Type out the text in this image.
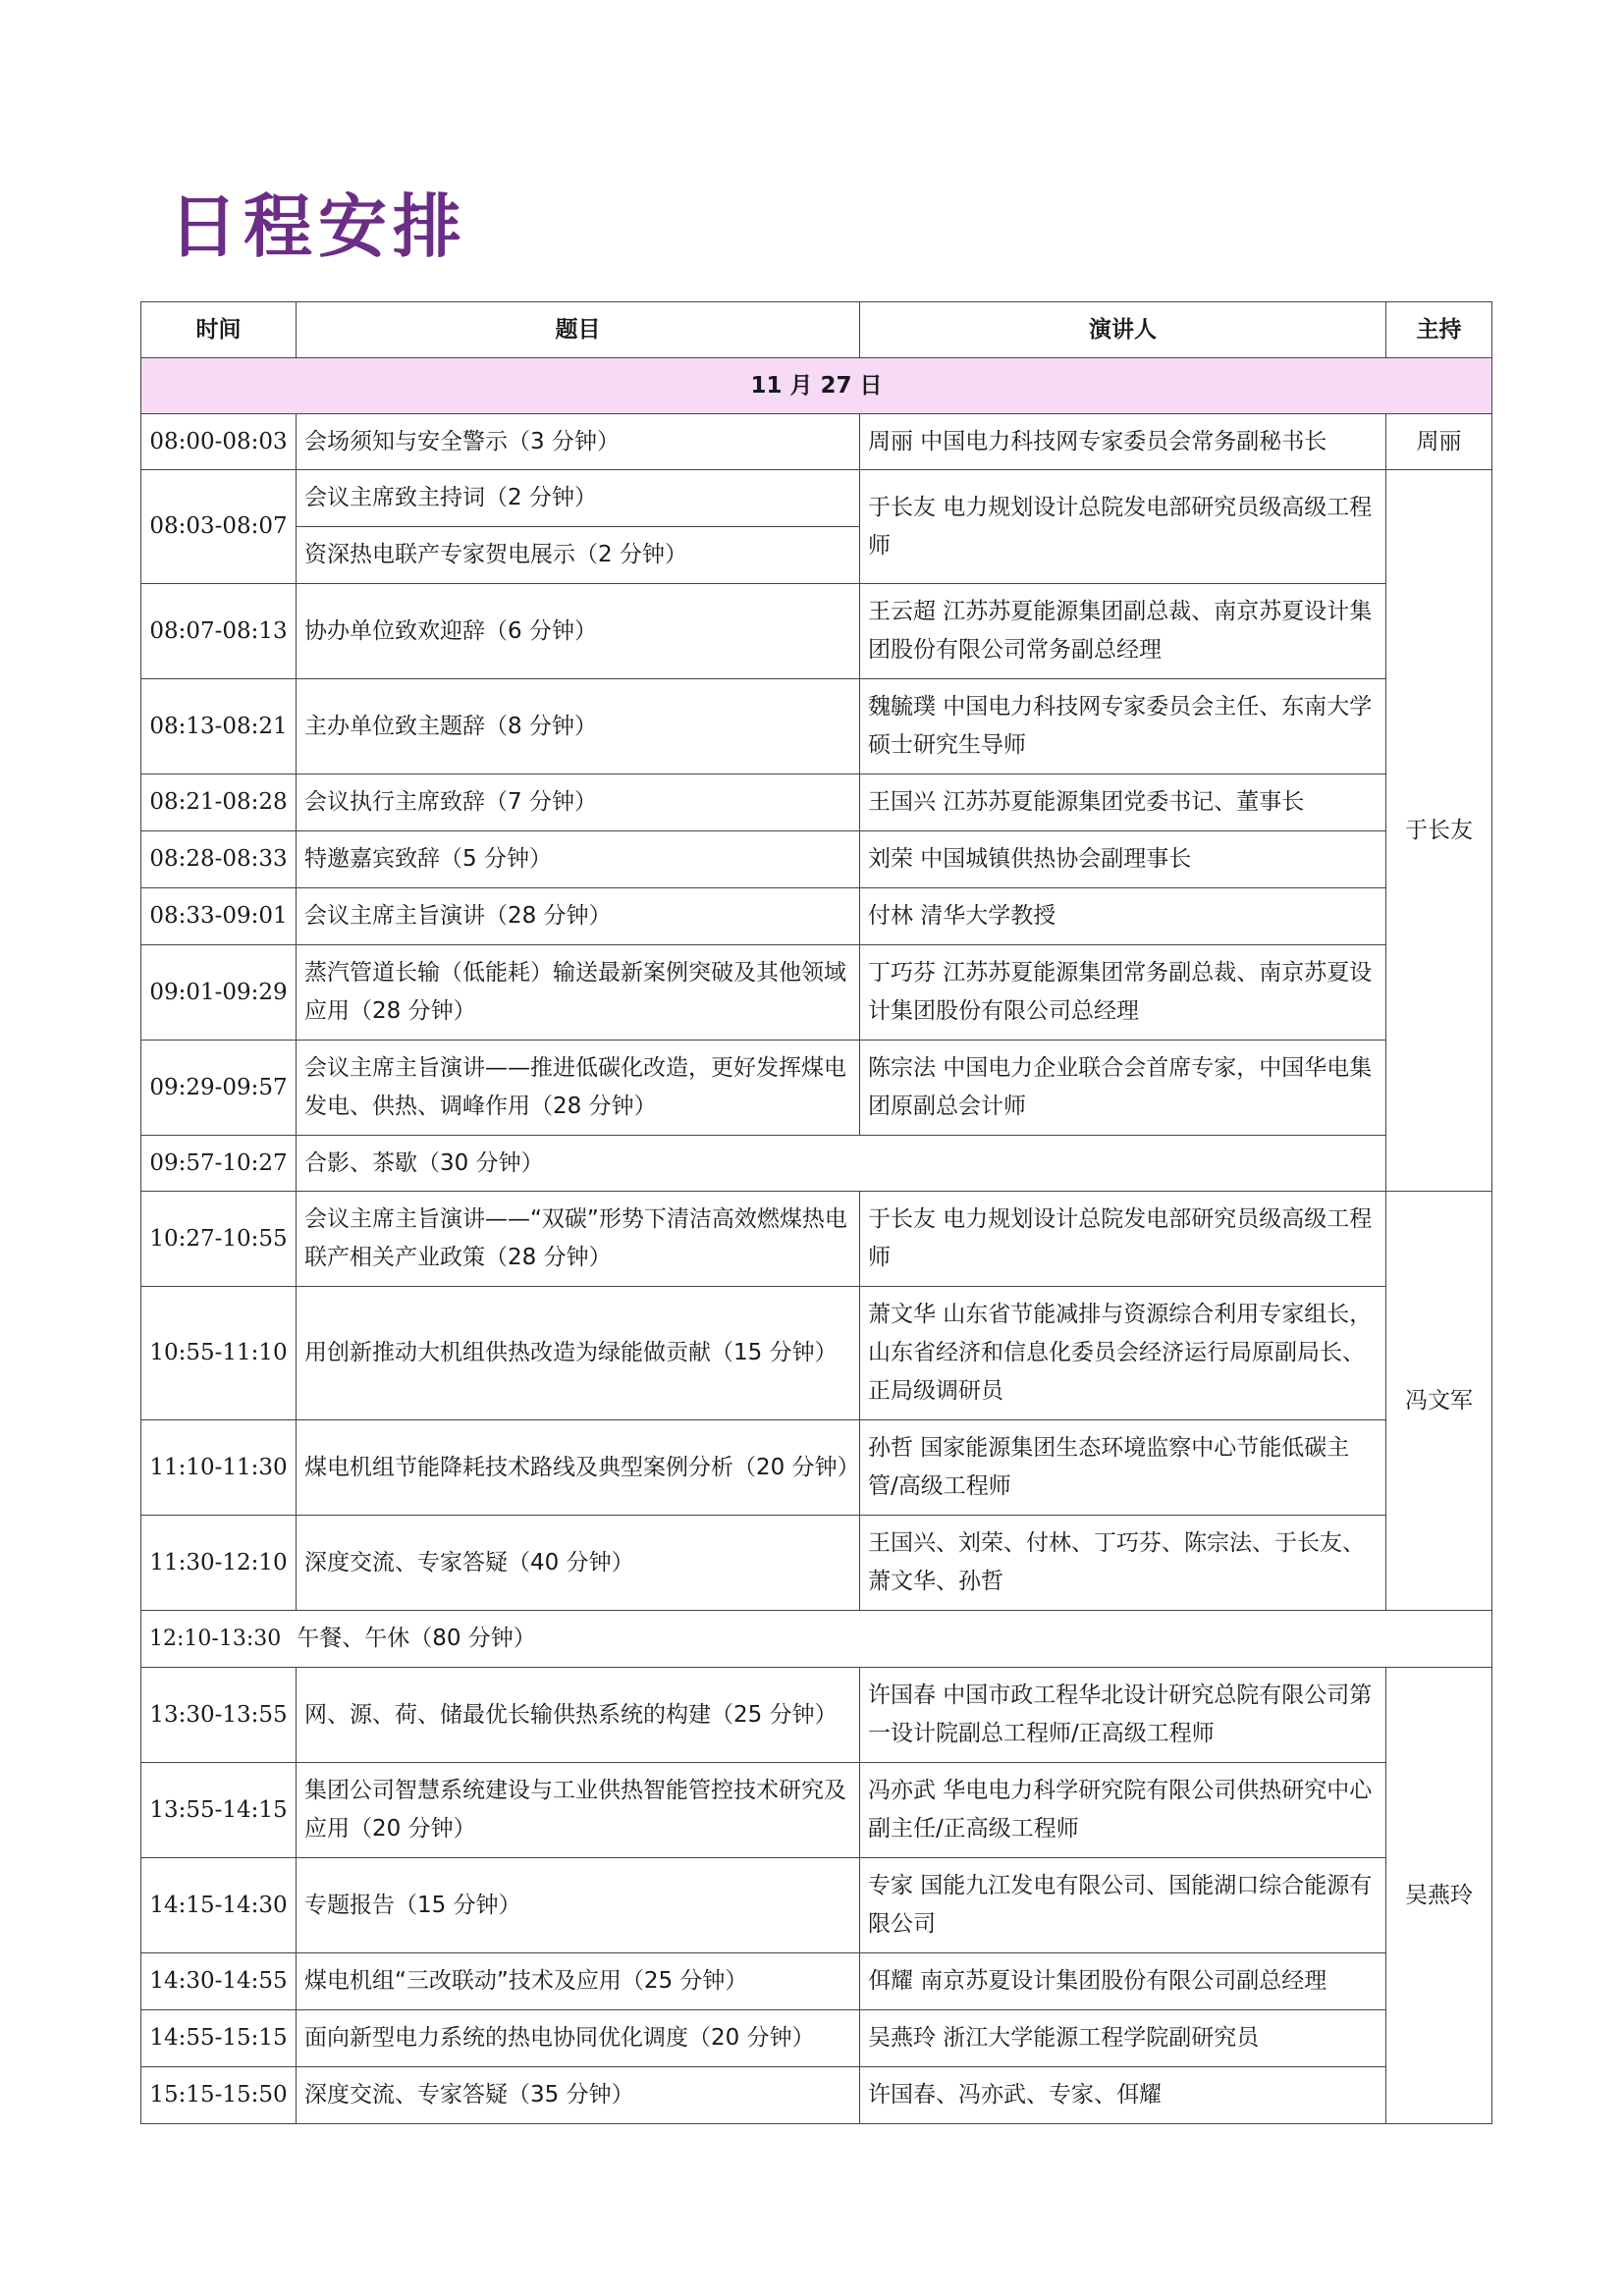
日程安排
时间	题目	演讲人	主持
11 月 27 日			
08:00-08:03	会场须知与安全警示（3 分钟）	周丽 中国电力科技网专家委员会常务副秘书长	周丽
08:03-08:07	会议主席致主持词（2 分钟）	于长友 电力规划设计总院发电部研究员级高级工程师	于长友
	资深热电联产专家贺电展示（2 分钟）		
08:07-08:13	协办单位致欢迎辞（6 分钟）	王云超 江苏苏夏能源集团副总裁、南京苏夏设计集团股份有限公司常务副总经理	
08:13-08:21	主办单位致主题辞（8 分钟）	魏毓璞 中国电力科技网专家委员会主任、东南大学硕士研究生导师	
08:21-08:28	会议执行主席致辞（7 分钟）	王国兴 江苏苏夏能源集团党委书记、董事长	
08:28-08:33	特邀嘉宾致辞（5 分钟）	刘荣 中国城镇供热协会副理事长	
08:33-09:01	会议主席主旨演讲（28 分钟）	付林 清华大学教授	
09:01-09:29	蒸汽管道长输（低能耗）输送最新案例突破及其他领域应用（28 分钟）	丁巧芬 江苏苏夏能源集团常务副总裁、南京苏夏设计集团股份有限公司总经理	
09:29-09:57	会议主席主旨演讲——推进低碳化改造，更好发挥煤电发电、供热、调峰作用（28 分钟）	陈宗法 中国电力企业联合会首席专家，中国华电集团原副总会计师	
09:57-10:27	合影、茶歇（30 分钟）		
10:27-10:55	会议主席主旨演讲——“双碳”形势下清洁高效燃煤热电联产相关产业政策（28 分钟）	于长友 电力规划设计总院发电部研究员级高级工程师	冯文军
10:55-11:10	用创新推动大机组供热改造为绿能做贡献（15 分钟）	萧文华 山东省节能减排与资源综合利用专家组长，山东省经济和信息化委员会经济运行局原副局长、正局级调研员	
11:10-11:30	煤电机组节能降耗技术路线及典型案例分析（20 分钟）	孙哲 国家能源集团生态环境监察中心节能低碳主管/高级工程师	
11:30-12:10	深度交流、专家答疑（40 分钟）	王国兴、刘荣、付林、丁巧芬、陈宗法、于长友、萧文华、孙哲	
12:10-13:30 午餐、午休（80 分钟）			
13:30-13:55	网、源、荷、储最优长输供热系统的构建（25 分钟）	许国春 中国市政工程华北设计研究总院有限公司第一设计院副总工程师/正高级工程师	吴燕玲
13:55-14:15	集团公司智慧系统建设与工业供热智能管控技术研究及应用（20 分钟）	冯亦武 华电电力科学研究院有限公司供热研究中心副主任/正高级工程师	
14:15-14:30	专题报告（15 分钟）	专家 国能九江发电有限公司、国能湖口综合能源有限公司	
14:30-14:55	煤电机组“三改联动”技术及应用（25 分钟）	佴耀 南京苏夏设计集团股份有限公司副总经理	
14:55-15:15	面向新型电力系统的热电协同优化调度（20 分钟）	吴燕玲 浙江大学能源工程学院副研究员	
15:15-15:50	深度交流、专家答疑（35 分钟）	许国春、冯亦武、专家、佴耀	
